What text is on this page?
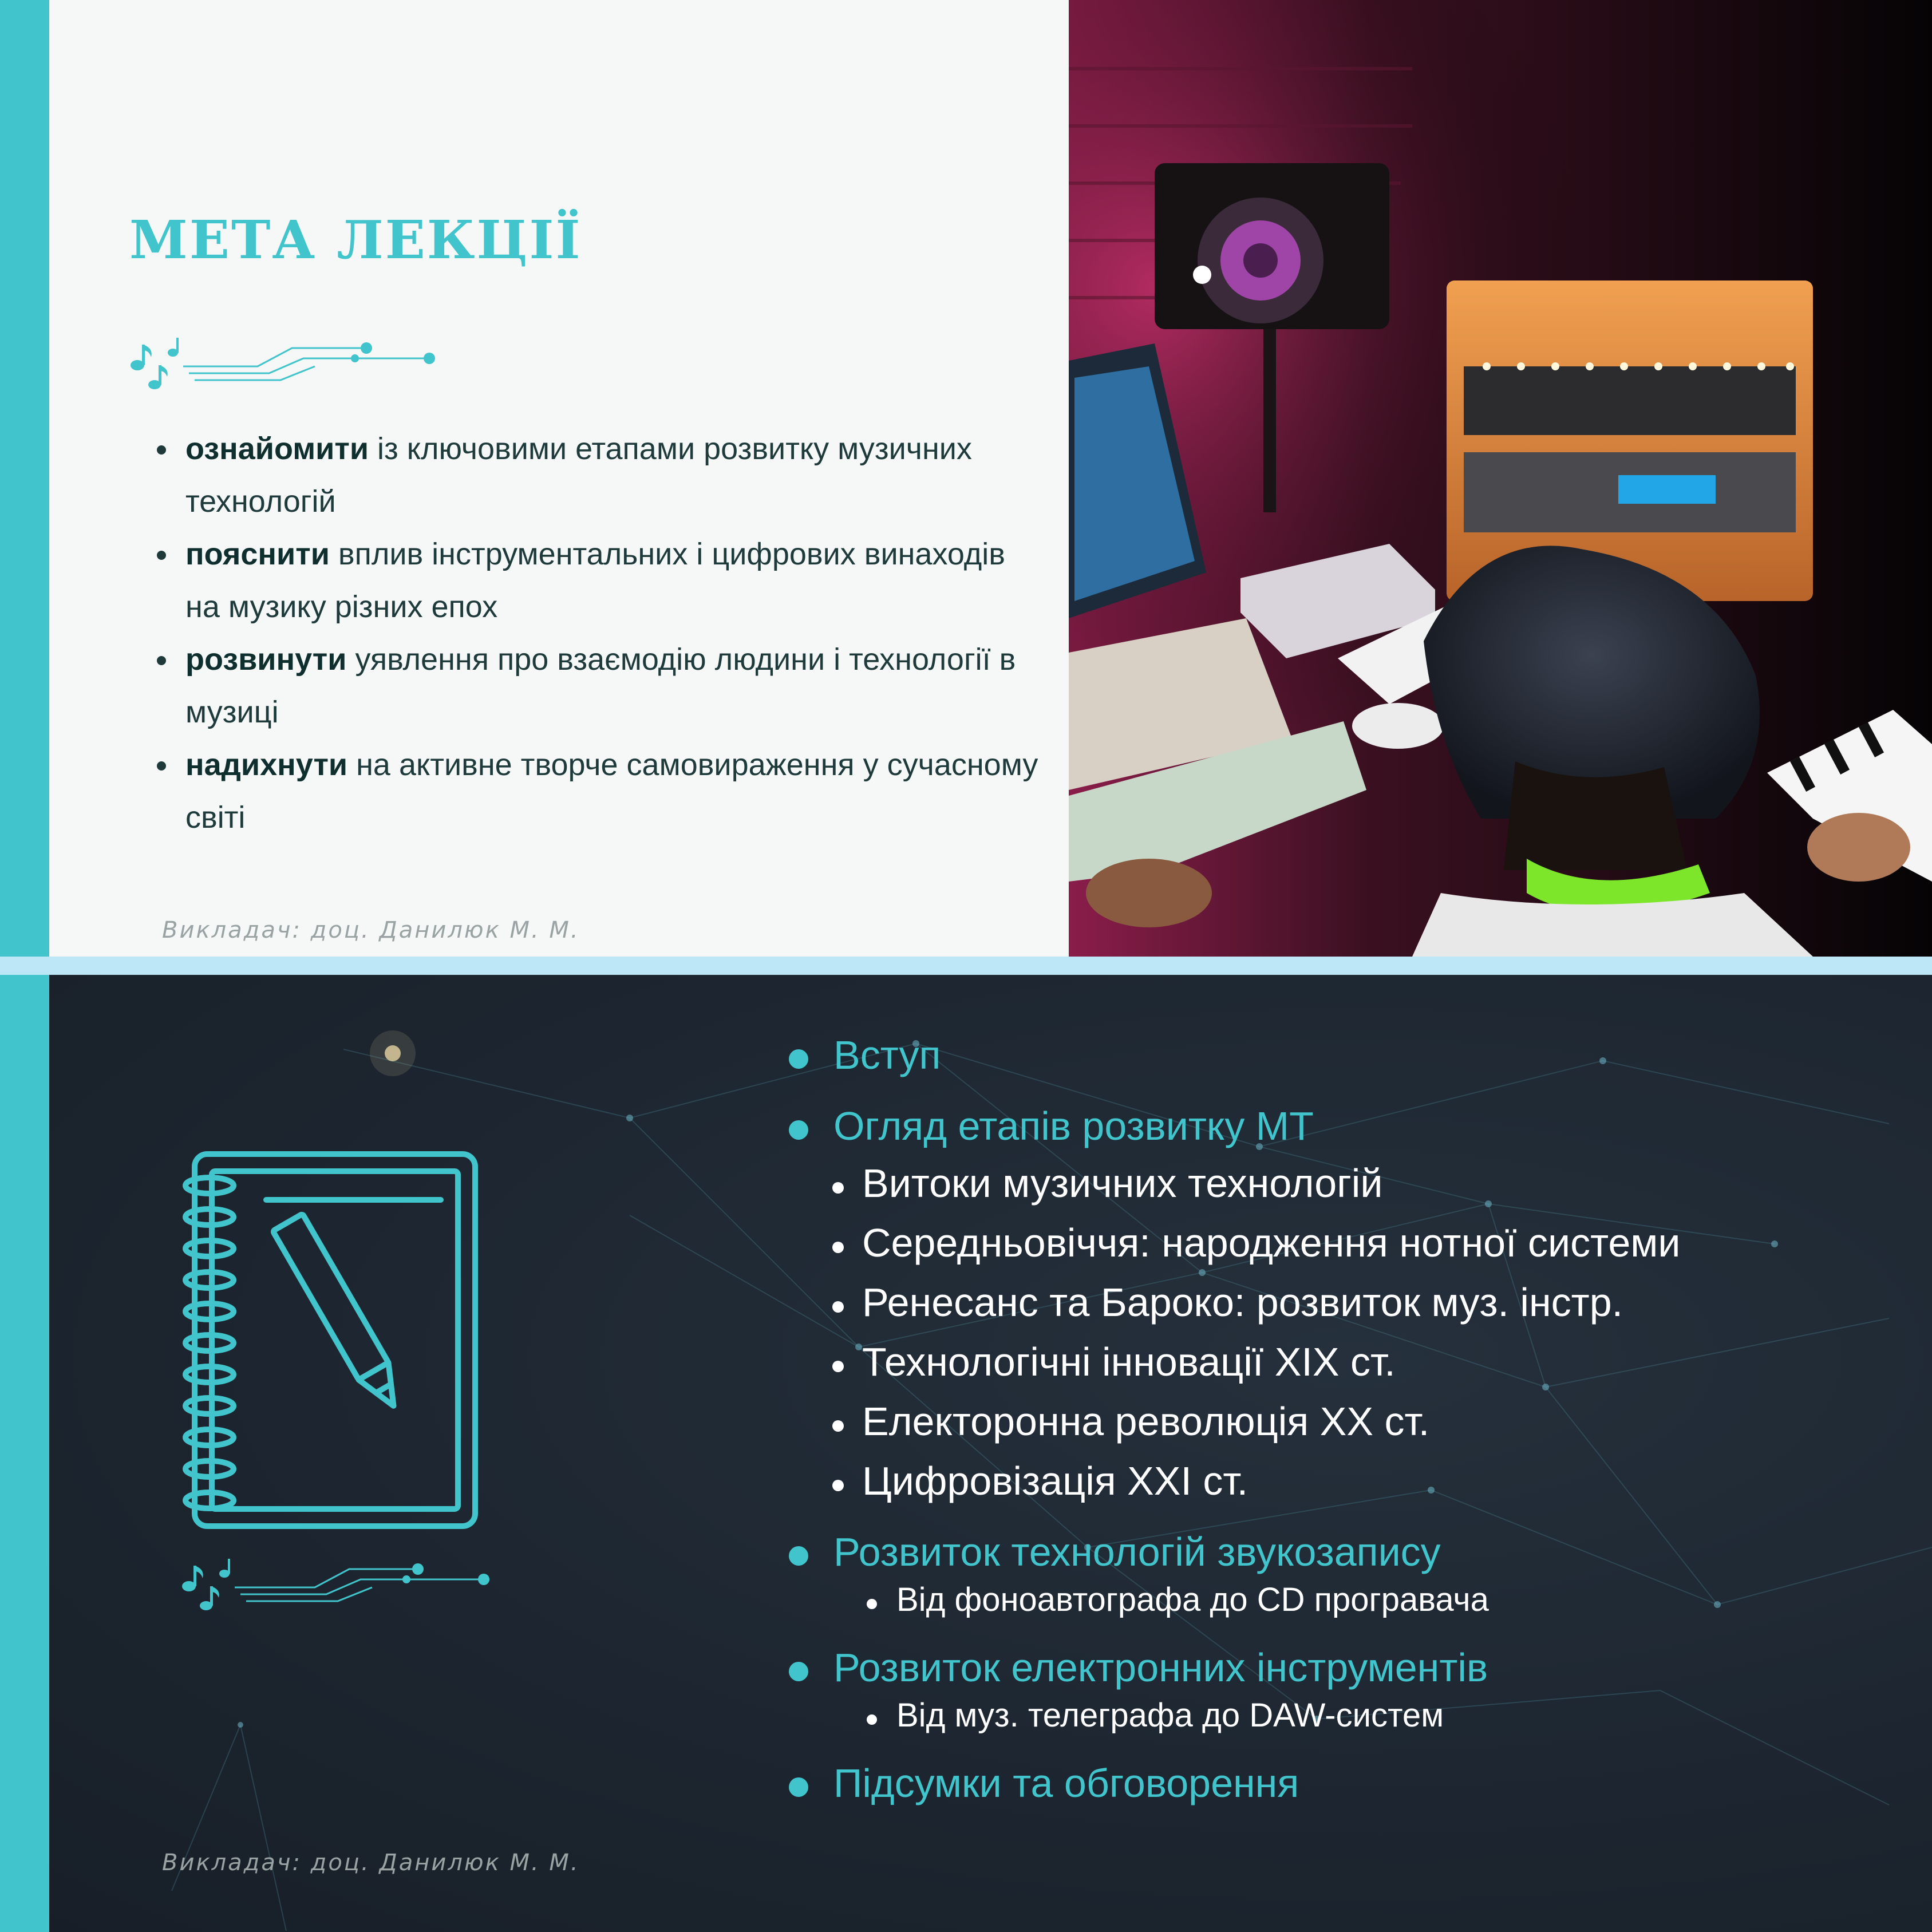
МЕТА ЛЕКЦІЇ
ознайомити із ключовими етапами розвитку музичних технологій
пояснити вплив інструментальних і цифрових винаходів на музику різних епох
розвинути уявлення про взаємодію людини і технології в музиці
надихнути на активне творче самовираження у сучасному світі
Викладач: доц. Данилюк М. М.
Вступ
Огляд етапів розвитку МТ
Витоки музичних технологій
Середньовіччя: народження нотної системи
Ренесанс та Бароко: розвиток муз. інстр.
Технологічні інновації ХІХ ст.
Електоронна революція ХХ ст.
Цифровізація ХХІ ст.
Розвиток технологій звукозапису
Від фоноавтографа до CD програвача
Розвиток електронних інструментів
Від муз. телеграфа до DAW-систем
Підсумки та обговорення
Викладач: доц. Данилюк М. М.
